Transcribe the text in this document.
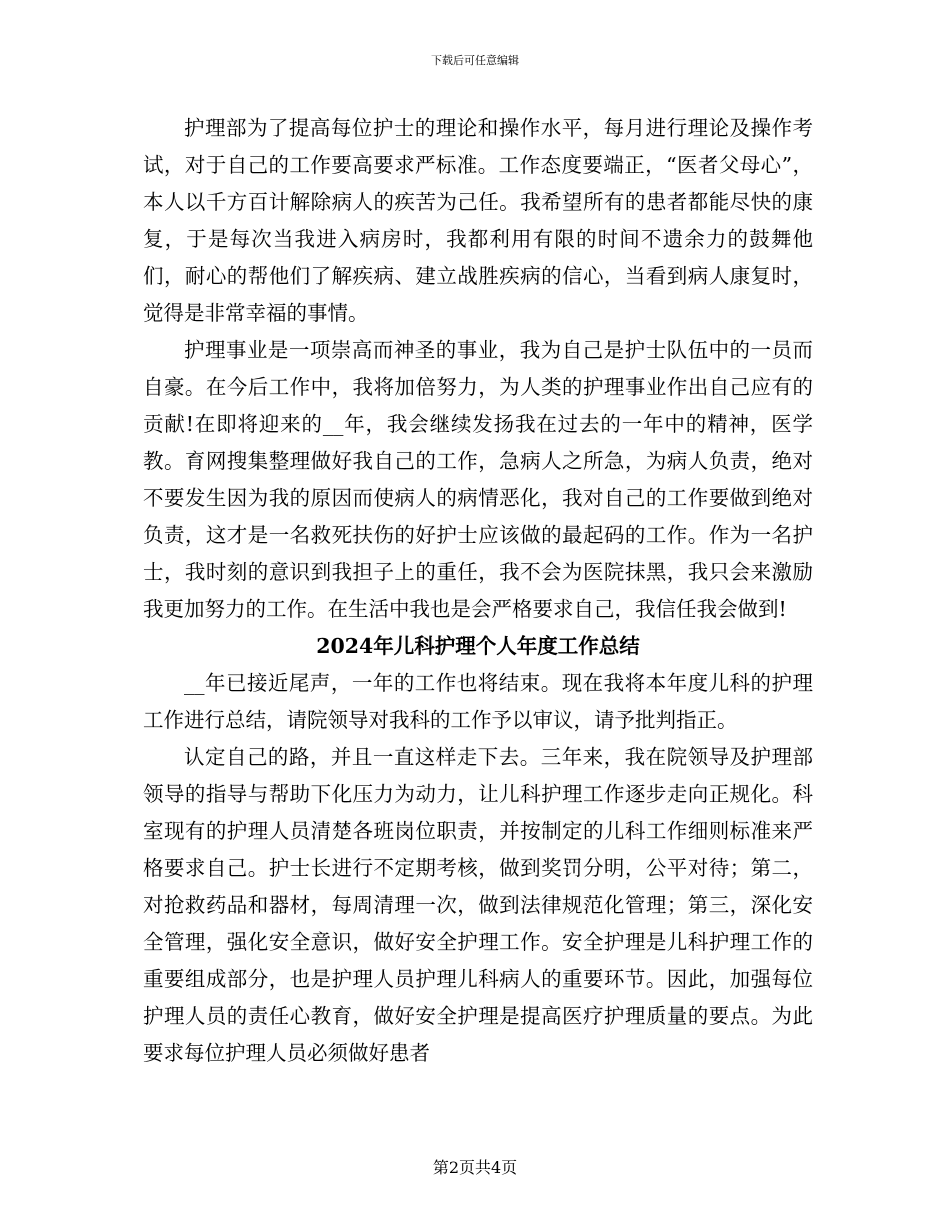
下载后可任意编辑

护理部为了提高每位护士的理论和操作水平，每月进行理论及操作考试，对于自己的工作要高要求严标准。工作态度要端正，“医者父母心”，本人以千方百计解除病人的疾苦为己任。我希望所有的患者都能尽快的康复，于是每次当我进入病房时，我都利用有限的时间不遗余力的鼓舞他们，耐心的帮他们了解疾病、建立战胜疾病的信心，当看到病人康复时，觉得是非常幸福的事情。

护理事业是一项崇高而神圣的事业，我为自己是护士队伍中的一员而自豪。在今后工作中，我将加倍努力，为人类的护理事业作出自己应有的贡献!在即将迎来的__年，我会继续发扬我在过去的一年中的精神，医学教。育网搜集整理做好我自己的工作，急病人之所急，为病人负责，绝对不要发生因为我的原因而使病人的病情恶化，我对自己的工作要做到绝对负责，这才是一名救死扶伤的好护士应该做的最起码的工作。作为一名护士，我时刻的意识到我担子上的重任，我不会为医院抹黑，我只会来激励我更加努力的工作。在生活中我也是会严格要求自己，我信任我会做到!

2024年儿科护理个人年度工作总结

__年已接近尾声，一年的工作也将结束。现在我将本年度儿科的护理工作进行总结，请院领导对我科的工作予以审议，请予批判指正。

认定自己的路，并且一直这样走下去。三年来，我在院领导及护理部领导的指导与帮助下化压力为动力，让儿科护理工作逐步走向正规化。科室现有的护理人员清楚各班岗位职责，并按制定的儿科工作细则标准来严格要求自己。护士长进行不定期考核，做到奖罚分明，公平对待；第二，对抢救药品和器材，每周清理一次，做到法律规范化管理；第三，深化安全管理，强化安全意识，做好安全护理工作。安全护理是儿科护理工作的重要组成部分，也是护理人员护理儿科病人的重要环节。因此，加强每位护理人员的责任心教育，做好安全护理是提高医疗护理质量的要点。为此要求每位护理人员必须做好患者

第2页共4页
